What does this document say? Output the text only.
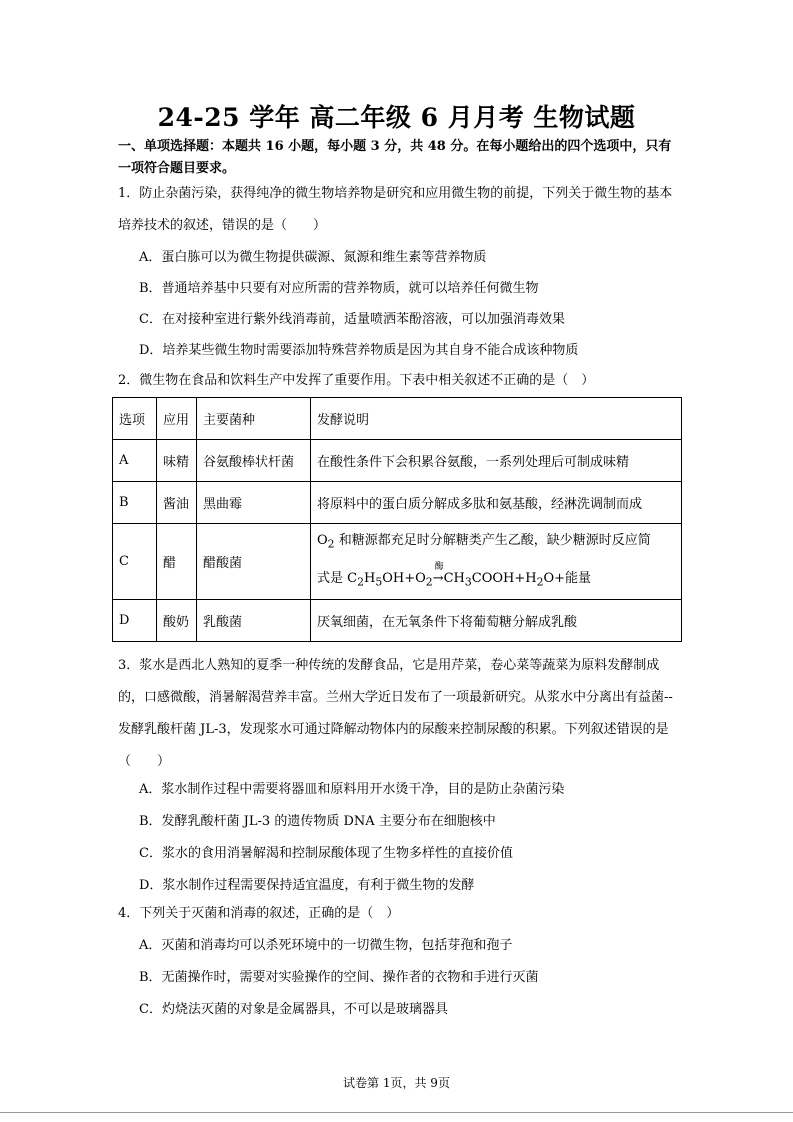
24-25 学年 高二年级 6 月月考 生物试题
一、单项选择题：本题共 16 小题，每小题 3 分，共 48 分。在每小题给出的四个选项中，只有一项符合题目要求。
1．防止杂菌污染，获得纯净的微生物培养物是研究和应用微生物的前提，下列关于微生物的基本培养技术的叙述，错误的是（　　）
A．蛋白胨可以为微生物提供碳源、氮源和维生素等营养物质
B．普通培养基中只要有对应所需的营养物质，就可以培养任何微生物
C．在对接种室进行紫外线消毒前，适量喷洒苯酚溶液，可以加强消毒效果
D．培养某些微生物时需要添加特殊营养物质是因为其自身不能合成该种物质
2．微生物在食品和饮料生产中发挥了重要作用。下表中相关叙述不正确的是（　）
选项	应用	主要菌种	发酵说明
A	味精	谷氨酸棒状杆菌	在酸性条件下会积累谷氨酸，一系列处理后可制成味精
B	酱油	黑曲霉	将原料中的蛋白质分解成多肽和氨基酸，经淋洗调制而成
C	醋	醋酸菌	$O_2$ 和糖源都充足时分解糖类产生乙酸，缺少糖源时反应简
式是 $C_2H_5OH+O_2$
酶
$\to CH_3COOH+H_2O+$能量

D	酸奶	乳酸菌	厌氧细菌，在无氧条件下将葡萄糖分解成乳酸
3．浆水是西北人熟知的夏季一种传统的发酵食品，它是用芹菜，卷心菜等蔬菜为原料发酵制成的，口感微酸，消暑解渴营养丰富。兰州大学近日发布了一项最新研究。从浆水中分离出有益菌--发酵乳酸杆菌 JL-3，发现浆水可通过降解动物体内的尿酸来控制尿酸的积累。下列叙述错误的是（　　）
A．浆水制作过程中需要将器皿和原料用开水烫干净，目的是防止杂菌污染
B．发酵乳酸杆菌 JL-3 的遗传物质 DNA 主要分布在细胞核中
C．浆水的食用消暑解渴和控制尿酸体现了生物多样性的直接价值
D．浆水制作过程需要保持适宜温度，有利于微生物的发酵
4．下列关于灭菌和消毒的叙述，正确的是（　）
A．灭菌和消毒均可以杀死环境中的一切微生物，包括芽孢和孢子
B．无菌操作时，需要对实验操作的空间、操作者的衣物和手进行灭菌
C．灼烧法灭菌的对象是金属器具，不可以是玻璃器具
试卷第 1页，共 9页
